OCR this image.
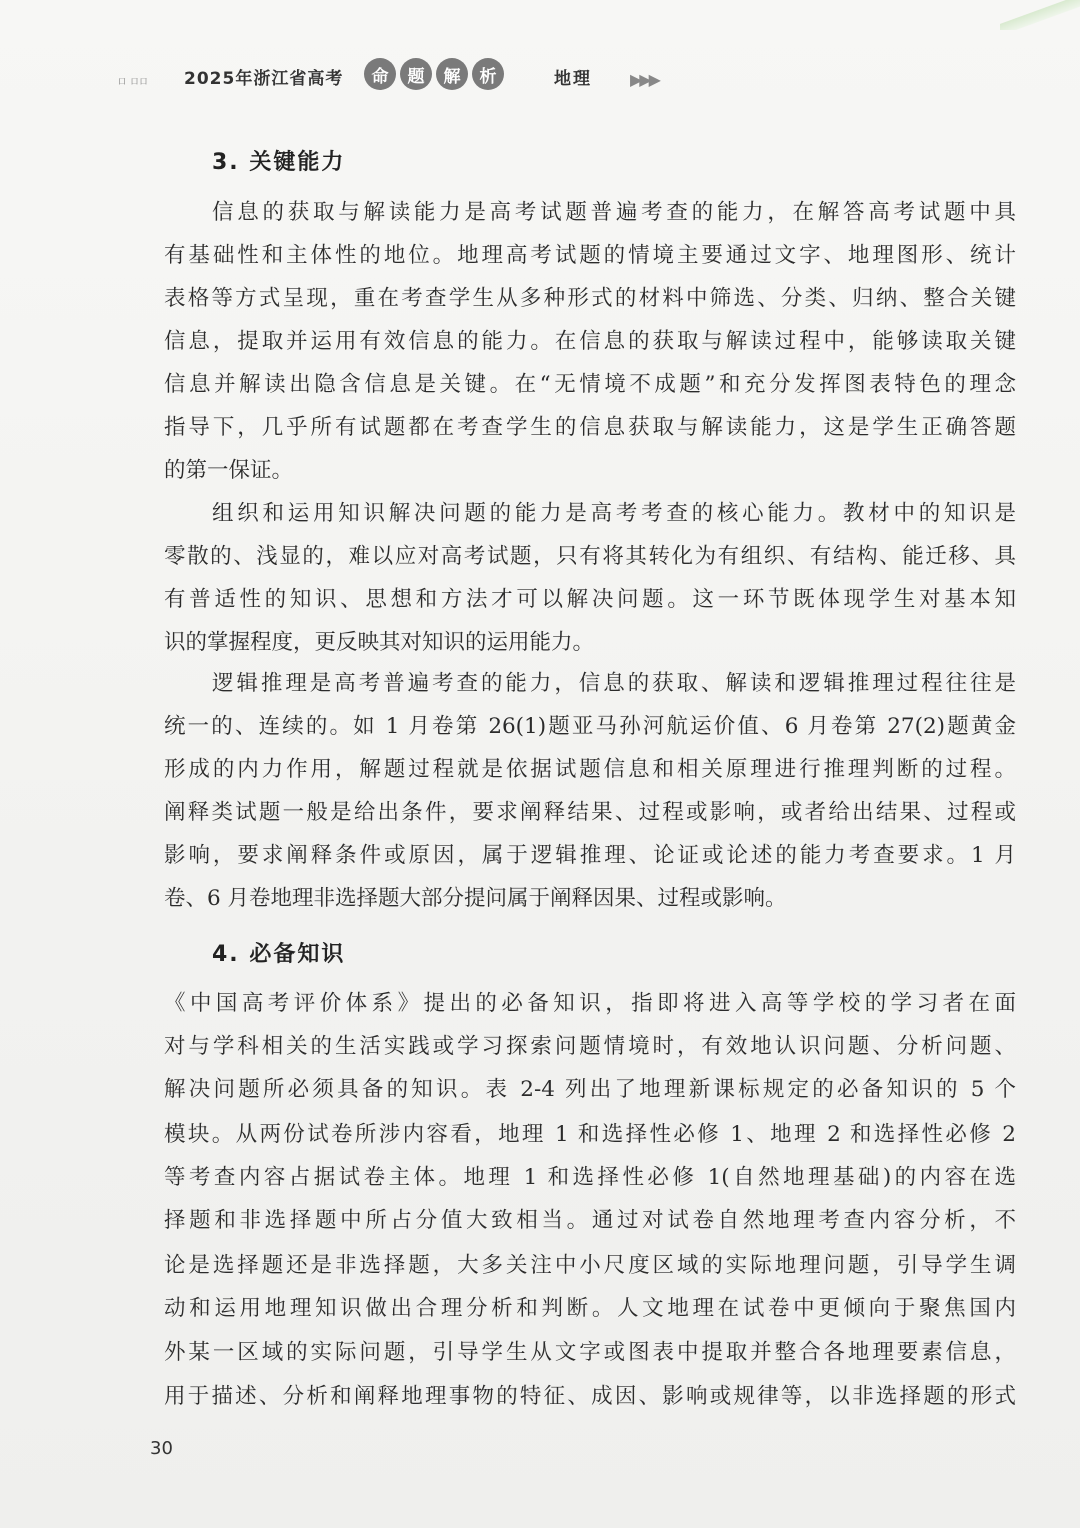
口 口口 2025年浙江省高考	命	题	解	析	地理 ▶▶▶
3. 关键能力
信息的获取与解读能力是高考试题普遍考查的能力，在解答高考试题中具
有基础性和主体性的地位。地理高考试题的情境主要通过文字、地理图形、统计
表格等方式呈现，重在考查学生从多种形式的材料中筛选、分类、归纳、整合关键
信息，提取并运用有效信息的能力。在信息的获取与解读过程中，能够读取关键
信息并解读出隐含信息是关键。在“无情境不成题”和充分发挥图表特色的理念
指导下，几乎所有试题都在考查学生的信息获取与解读能力，这是学生正确答题
的第一保证。
组织和运用知识解决问题的能力是高考考查的核心能力。教材中的知识是
零散的、浅显的，难以应对高考试题，只有将其转化为有组织、有结构、能迁移、具
有普适性的知识、思想和方法才可以解决问题。这一环节既体现学生对基本知
识的掌握程度，更反映其对知识的运用能力。
逻辑推理是高考普遍考查的能力，信息的获取、解读和逻辑推理过程往往是
统一的、连续的。如 1 月卷第 26(1)题亚马孙河航运价值、6 月卷第 27(2)题黄金
形成的内力作用，解题过程就是依据试题信息和相关原理进行推理判断的过程。
阐释类试题一般是给出条件，要求阐释结果、过程或影响，或者给出结果、过程或
影响，要求阐释条件或原因，属于逻辑推理、论证或论述的能力考查要求。1 月
卷、6 月卷地理非选择题大部分提问属于阐释因果、过程或影响。
4. 必备知识
《中国高考评价体系》提出的必备知识，指即将进入高等学校的学习者在面
对与学科相关的生活实践或学习探索问题情境时，有效地认识问题、分析问题、
解决问题所必须具备的知识。表 2-4 列出了地理新课标规定的必备知识的 5 个
模块。从两份试卷所涉内容看，地理 1 和选择性必修 1、地理 2 和选择性必修 2
等考查内容占据试卷主体。地理 1 和选择性必修 1(自然地理基础)的内容在选
择题和非选择题中所占分值大致相当。通过对试卷自然地理考查内容分析，不
论是选择题还是非选择题，大多关注中小尺度区域的实际地理问题，引导学生调
动和运用地理知识做出合理分析和判断。人文地理在试卷中更倾向于聚焦国内
外某一区域的实际问题，引导学生从文字或图表中提取并整合各地理要素信息，
用于描述、分析和阐释地理事物的特征、成因、影响或规律等，以非选择题的形式
30
